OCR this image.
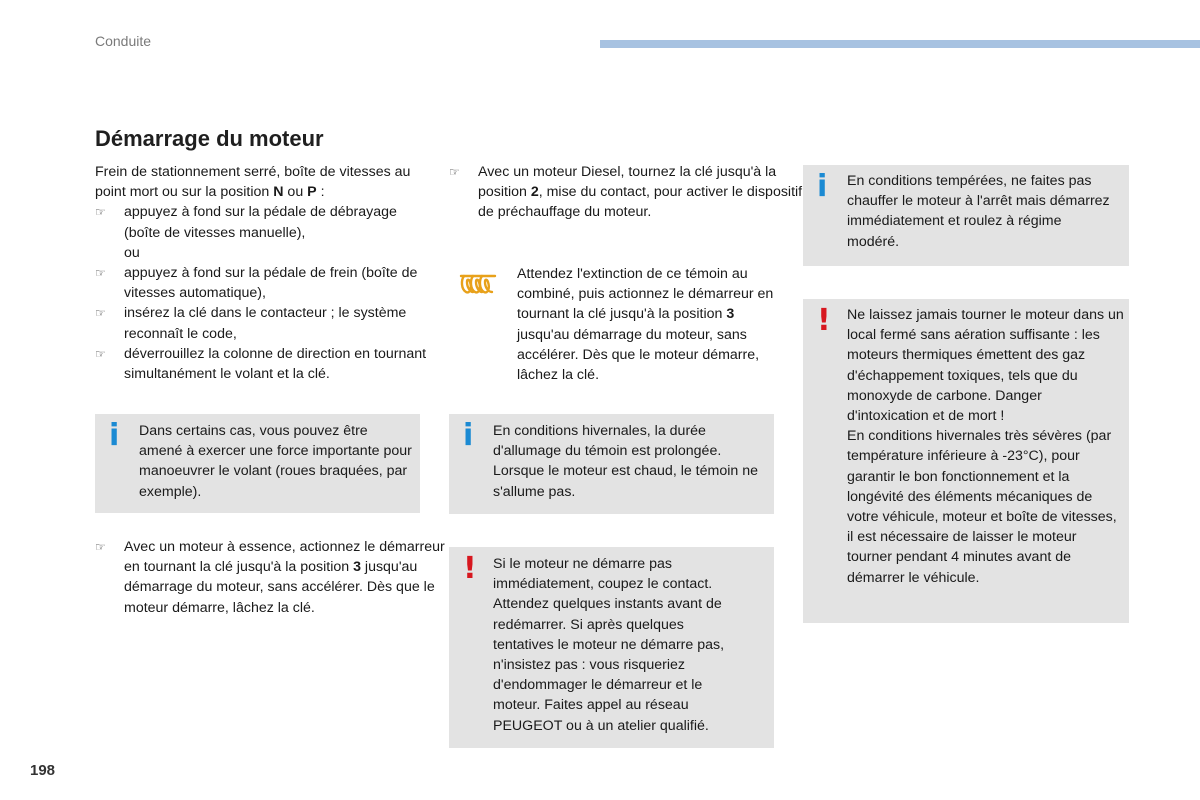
Conduite
Démarrage du moteur
Frein de stationnement serré, boîte de vitesses au point mort ou sur la position N ou P :
☞ appuyez à fond sur la pédale de débrayage (boîte de vitesses manuelle),
ou
☞ appuyez à fond sur la pédale de frein (boîte de vitesses automatique),
☞ insérez la clé dans le contacteur ; le système reconnaît le code,
☞ déverrouillez la colonne de direction en tournant simultanément le volant et la clé.
i Dans certains cas, vous pouvez être amené à exercer une force importante pour manoeuvrer le volant (roues braquées, par exemple).
☞ Avec un moteur à essence, actionnez le démarreur en tournant la clé jusqu'à la position 3 jusqu'au démarrage du moteur, sans accélérer. Dès que le moteur démarre, lâchez la clé.
☞ Avec un moteur Diesel, tournez la clé jusqu'à la position 2, mise du contact, pour activer le dispositif de préchauffage du moteur.
Attendez l'extinction de ce témoin au combiné, puis actionnez le démarreur en tournant la clé jusqu'à la position 3 jusqu'au démarrage du moteur, sans accélérer. Dès que le moteur démarre, lâchez la clé.
i En conditions hivernales, la durée d'allumage du témoin est prolongée. Lorsque le moteur est chaud, le témoin ne s'allume pas.
! Si le moteur ne démarre pas immédiatement, coupez le contact. Attendez quelques instants avant de redémarrer. Si après quelques tentatives le moteur ne démarre pas, n'insistez pas : vous risqueriez d'endommager le démarreur et le moteur. Faites appel au réseau PEUGEOT ou à un atelier qualifié.
i En conditions tempérées, ne faites pas chauffer le moteur à l'arrêt mais démarrez immédiatement et roulez à régime modéré.
! Ne laissez jamais tourner le moteur dans un local fermé sans aération suffisante : les moteurs thermiques émettent des gaz d'échappement toxiques, tels que du monoxyde de carbone. Danger d'intoxication et de mort !
En conditions hivernales très sévères (par température inférieure à -23°C), pour garantir le bon fonctionnement et la longévité des éléments mécaniques de votre véhicule, moteur et boîte de vitesses, il est nécessaire de laisser le moteur tourner pendant 4 minutes avant de démarrer le véhicule.
198
